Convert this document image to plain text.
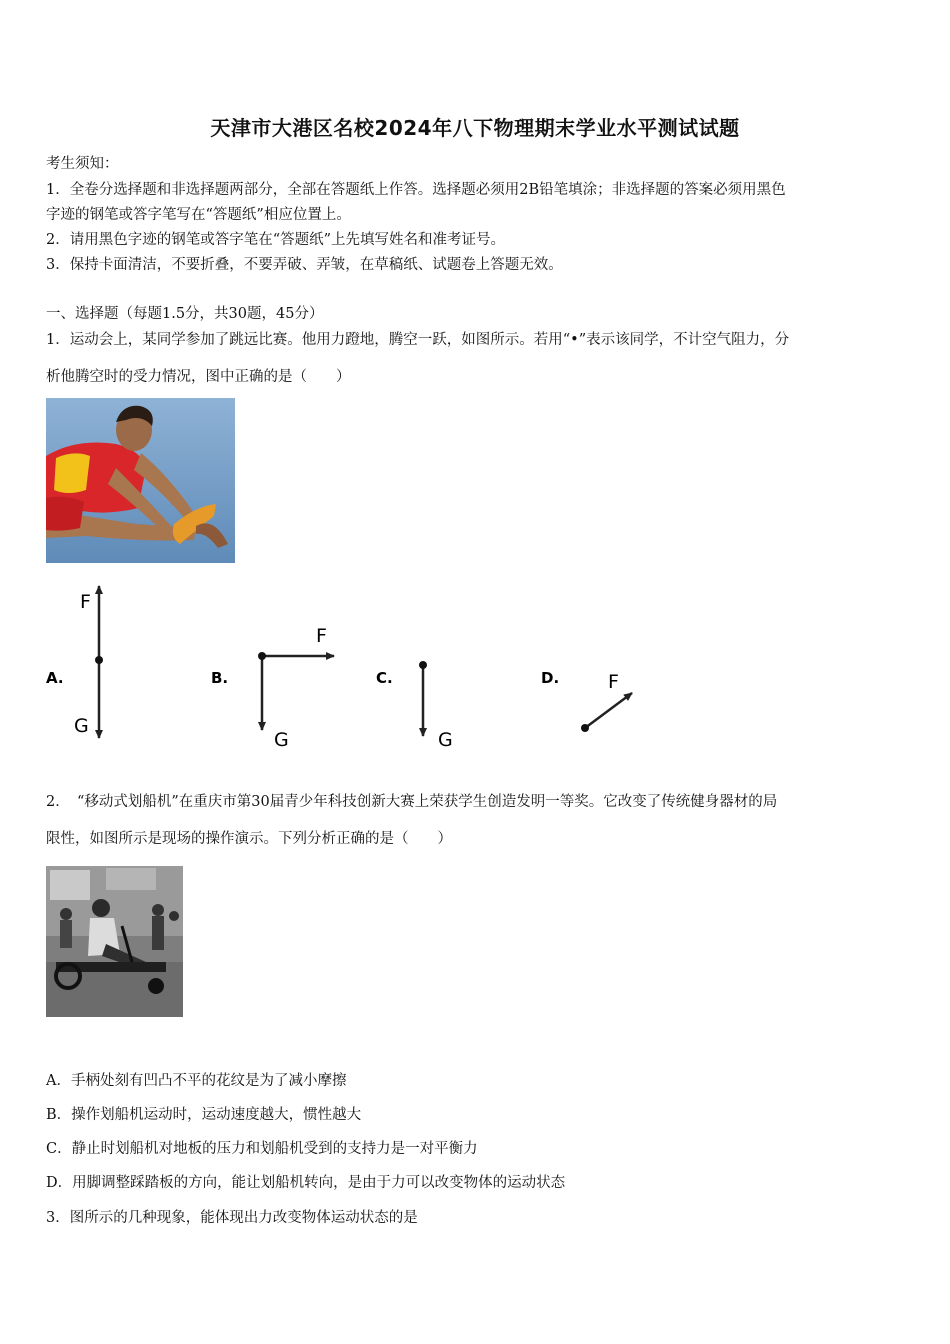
天津市大港区名校2024年八下物理期末学业水平测试试题
考生须知：
1．全卷分选择题和非选择题两部分，全部在答题纸上作答。选择题必须用2B铅笔填涂；非选择题的答案必须用黑色
字迹的钢笔或答字笔写在“答题纸”相应位置上。
2．请用黑色字迹的钢笔或答字笔在“答题纸”上先填写姓名和准考证号。
3．保持卡面清洁，不要折叠，不要弄破、弄皱，在草稿纸、试题卷上答题无效。
一、选择题（每题1.5分，共30题，45分）
1．运动会上，某同学参加了跳远比赛。他用力蹬地，腾空一跃，如图所示。若用“•”表示该同学，不计空气阻力，分
析他腾空时的受力情况，图中正确的是（　　）
A.
F
G
B.
F
G
C.
G
D.	F
2．　“移动式划船机”在重庆市第30届青少年科技创新大赛上荣获学生创造发明一等奖。它改变了传统健身器材的局
限性，如图所示是现场的操作演示。下列分析正确的是（　　）
A．手柄处刻有凹凸不平的花纹是为了减小摩擦
B．操作划船机运动时，运动速度越大，惯性越大
C．静止时划船机对地板的压力和划船机受到的支持力是一对平衡力
D．用脚调整踩踏板的方向，能让划船机转向，是由于力可以改变物体的运动状态
3．图所示的几种现象，能体现出力改变物体运动状态的是
